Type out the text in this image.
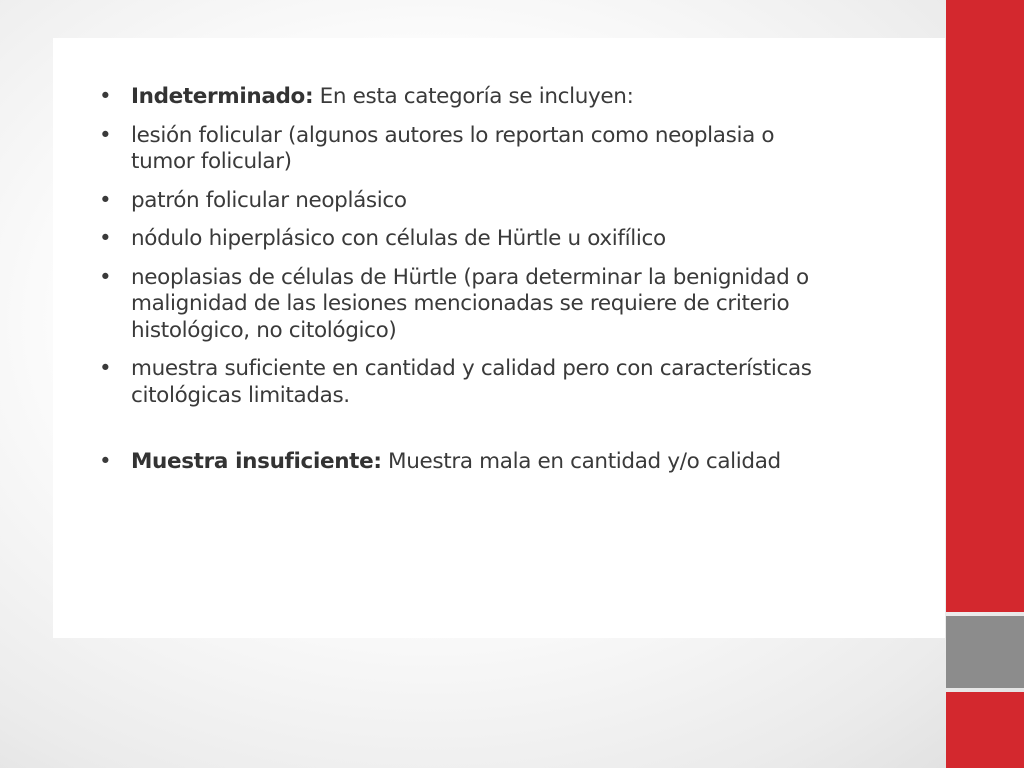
• Indeterminado: En esta categoría se incluyen:
• lesión folicular (algunos autores lo reportan como neoplasia o tumor folicular)
• patrón folicular neoplásico
• nódulo hiperplásico con células de Hürtle u oxifílico
• neoplasias de células de Hürtle (para determinar la benignidad o malignidad de las lesiones mencionadas se requiere de criterio histológico, no citológico)
• muestra suficiente en cantidad y calidad pero con características citológicas limitadas.
• Muestra insuficiente: Muestra mala en cantidad y/o calidad
